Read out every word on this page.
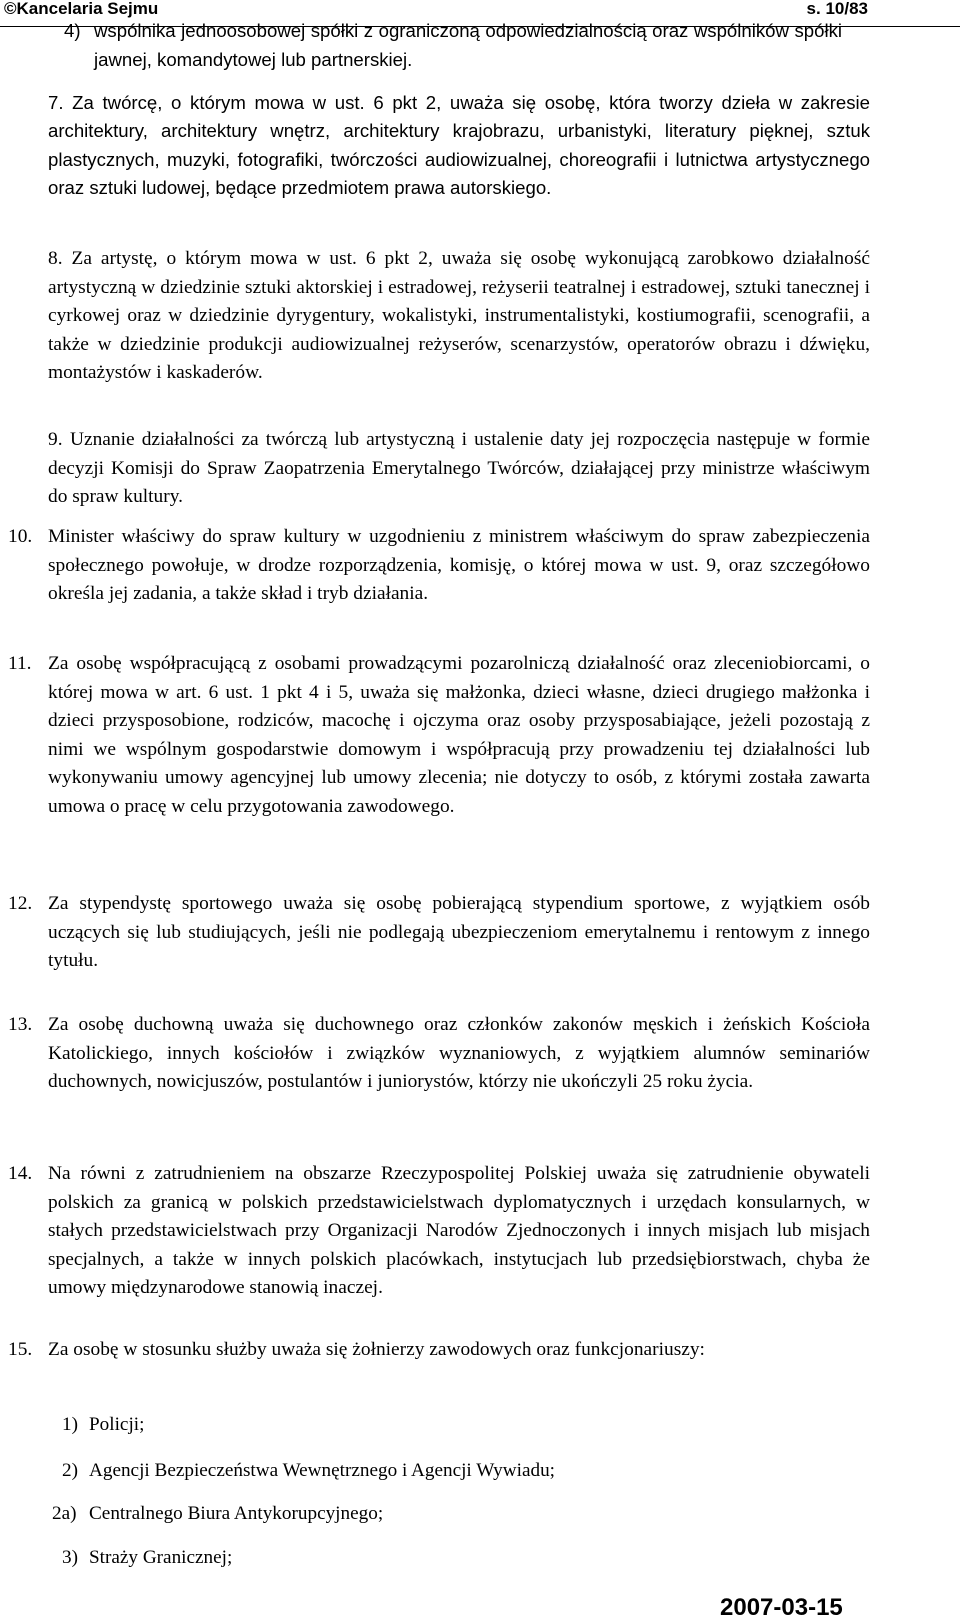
©Kancelaria Sejmu	s. 10/83
4) wspólnika jednoosobowej spółki z ograniczoną odpowiedzialnością oraz wspólników spółki jawnej, komandytowej lub partnerskiej.
7. Za twórcę, o którym mowa w ust. 6 pkt 2, uważa się osobę, która tworzy dzieła w zakresie architektury, architektury wnętrz, architektury krajobrazu, urbanistyki, literatury pięknej, sztuk plastycznych, muzyki, fotografiki, twórczości audiowizualnej, choreografii i lutnictwa artystycznego oraz sztuki ludowej, będące przedmiotem prawa autorskiego.
8. Za artystę, o którym mowa w ust. 6 pkt 2, uważa się osobę wykonującą zarobkowo działalność artystyczną w dziedzinie sztuki aktorskiej i estradowej, reżyserii teatralnej i estradowej, sztuki tanecznej i cyrkowej oraz w dziedzinie dyrygentury, wokalistyki, instrumentalistyki, kostiumografii, scenografii, a także w dziedzinie produkcji audiowizualnej reżyserów, scenarzystów, operatorów obrazu i dźwięku, montażystów i kaskaderów.
9. Uznanie działalności za twórczą lub artystyczną i ustalenie daty jej rozpoczęcia następuje w formie decyzji Komisji do Spraw Zaopatrzenia Emerytalnego Twórców, działającej przy ministrze właściwym do spraw kultury.
10. Minister właściwy do spraw kultury w uzgodnieniu z ministrem właściwym do spraw zabezpieczenia społecznego powołuje, w drodze rozporządzenia, komisję, o której mowa w ust. 9, oraz szczegółowo określa jej zadania, a także skład i tryb działania.
11. Za osobę współpracującą z osobami prowadzącymi pozarolniczą działalność oraz zleceniobiorcami, o której mowa w art. 6 ust. 1 pkt 4 i 5, uważa się małżonka, dzieci własne, dzieci drugiego małżonka i dzieci przysposobione, rodziców, macochę i ojczyma oraz osoby przysposabiające, jeżeli pozostają z nimi we wspólnym gospodarstwie domowym i współpracują przy prowadzeniu tej działalności lub wykonywaniu umowy agencyjnej lub umowy zlecenia; nie dotyczy to osób, z którymi została zawarta umowa o pracę w celu przygotowania zawodowego.
12. Za stypendystę sportowego uważa się osobę pobierającą stypendium sportowe, z wyjątkiem osób uczących się lub studiujących, jeśli nie podlegają ubezpieczeniom emerytalnemu i rentowym z innego tytułu.
13. Za osobę duchowną uważa się duchownego oraz członków zakonów męskich i żeńskich Kościoła Katolickiego, innych kościołów i związków wyznaniowych, z wyjątkiem alumnów seminariów duchownych, nowicjuszów, postulantów i juniorystów, którzy nie ukończyli 25 roku życia.
14. Na równi z zatrudnieniem na obszarze Rzeczypospolitej Polskiej uważa się zatrudnienie obywateli polskich za granicą w polskich przedstawicielstwach dyplomatycznych i urzędach konsularnych, w stałych przedstawicielstwach przy Organizacji Narodów Zjednoczonych i innych misjach lub misjach specjalnych, a także w innych polskich placówkach, instytucjach lub przedsiębiorstwach, chyba że umowy międzynarodowe stanowią inaczej.
15. Za osobę w stosunku służby uważa się żołnierzy zawodowych oraz funkcjonariuszy:
1) Policji;
2) Agencji Bezpieczeństwa Wewnętrznego i Agencji Wywiadu;
2a) Centralnego Biura Antykorupcyjnego;
3) Straży Granicznej;
2007-03-15
